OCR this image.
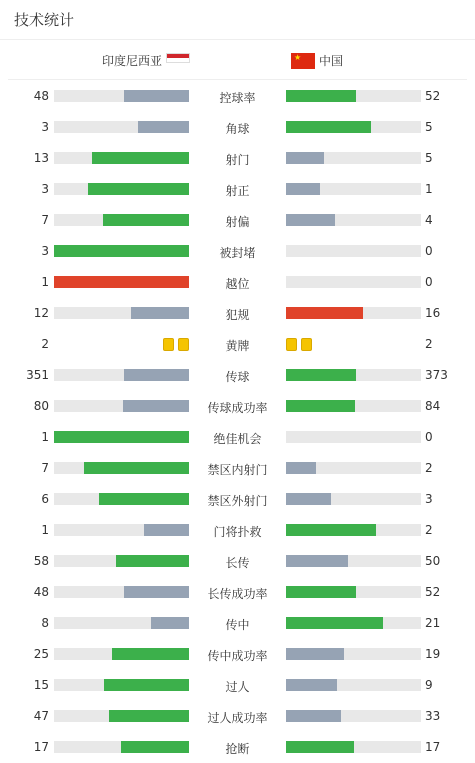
技术统计
印度尼西亚
★	中国
48	控球率	52
3	角球	5
13	射门	5
3	射正	1
7	射偏	4
3	被封堵	0
1	越位	0
12	犯规	16
2	黄牌	2
351	传球	373
80	传球成功率	84
1	绝佳机会	0
7	禁区内射门	2
6	禁区外射门	3
1	门将扑救	2
58	长传	50
48	长传成功率	52
8	传中	21
25	传中成功率	19
15	过人	9
47	过人成功率	33
17	抢断	17
